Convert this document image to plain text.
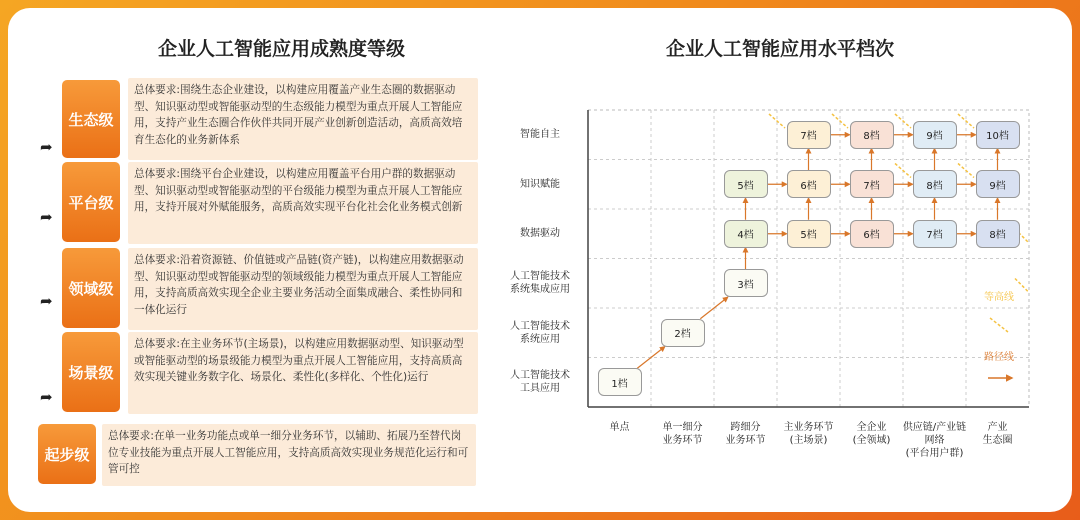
企业人工智能应用成熟度等级	企业人工智能应用水平档次
生态级
总体要求:围绕生态企业建设，以构建应用覆盖产业生态圈的数据驱动型、知识驱动型或智能驱动型的生态级能力模型为重点开展人工智能应用，支持产业生态圈合作伙伴共同开展产业创新创造活动，高质高效培育生态化的业务新体系
平台级
总体要求:围绕平台企业建设，以构建应用覆盖平台用户群的数据驱动型、知识驱动型或智能驱动型的平台级能力模型为重点开展人工智能应用，支持开展对外赋能服务，高质高效实现平台化社会化业务模式创新
领域级
总体要求:沿着资源链、价值链或产品链(资产链)，以构建应用数据驱动型、知识驱动型或智能驱动型的领域级能力模型为重点开展人工智能应用，支持高质高效实现全企业主要业务活动全面集成融合、柔性协同和一体化运行
场景级
总体要求:在主业务环节(主场景)，以构建应用数据驱动型、知识驱动型或智能驱动型的场景级能力模型为重点开展人工智能应用，支持高质高效实现关键业务数字化、场景化、柔性化(多样化、个性化)运行
起步级
总体要求:在单一业务功能点或单一细分业务环节，以辅助、拓展乃至替代岗位专业技能为重点开展人工智能应用，支持高质高效实现业务规范化运行和可管可控
➦
➦
➦
➦
1档
2档
3档
4档
5档
5档
6档
7档
6档
7档
8档
7档
8档
9档
8档
9档
10档
智能自主
知识赋能
数据驱动
人工智能技术
系统集成应用
人工智能技术
系统应用
人工智能技术
工具应用
单点	单一细分
业务环节
跨细分
业务环节
主业务环节
(主场景)
全企业
(全领域)
供应链/产业链
网络
(平台用户群)
产业
生态圈
等高线
路径线
